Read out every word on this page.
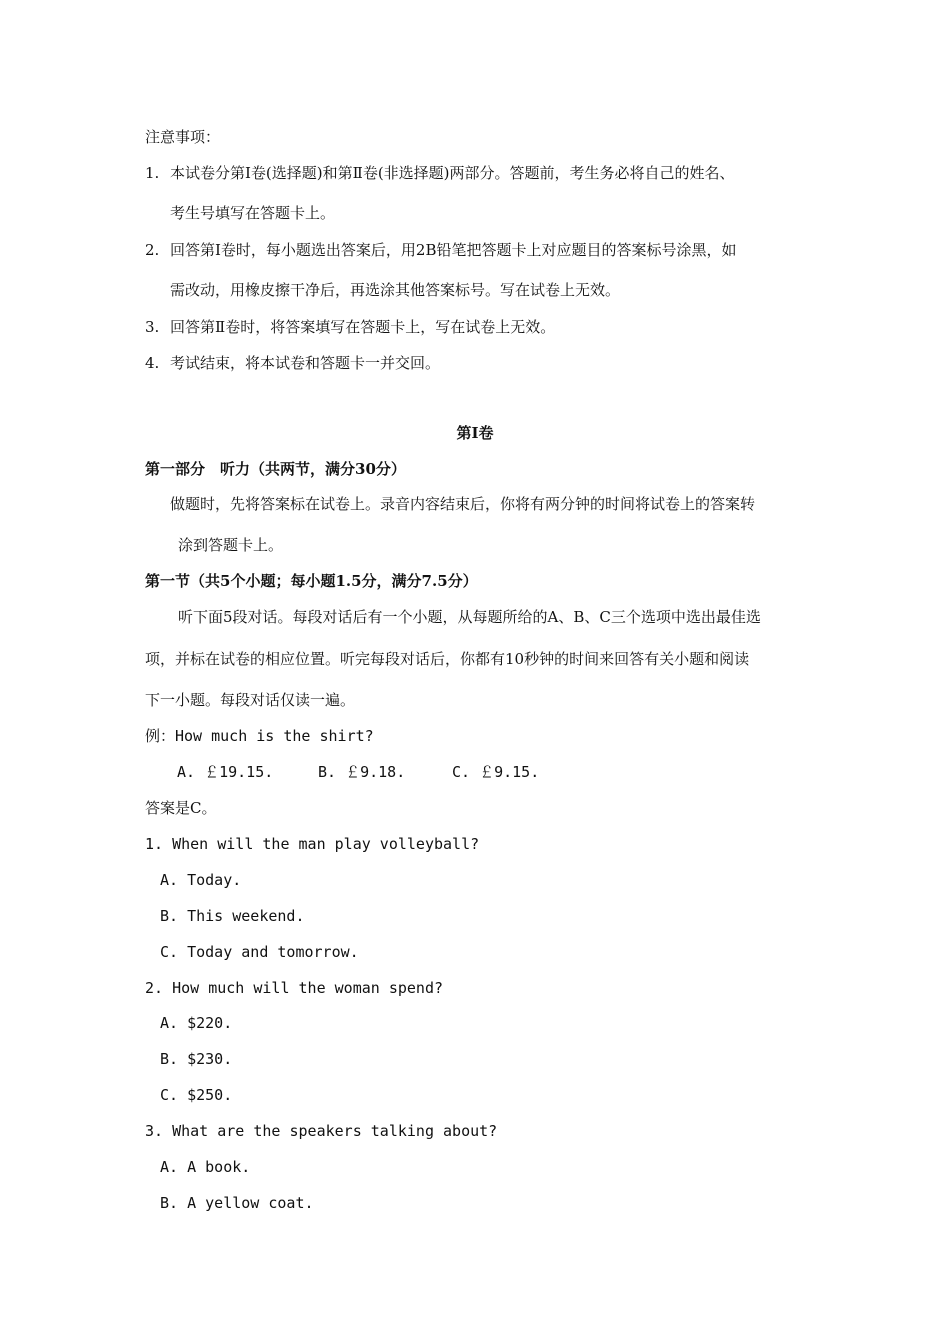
注意事项：
1. 本试卷分第Ⅰ卷(选择题)和第Ⅱ卷(非选择题)两部分。答题前，考生务必将自己的姓名、
考生号填写在答题卡上。
2. 回答第Ⅰ卷时，每小题选出答案后，用2B铅笔把答题卡上对应题目的答案标号涂黑，如
需改动，用橡皮擦干净后，再选涂其他答案标号。写在试卷上无效。
3. 回答第Ⅱ卷时，将答案填写在答题卡上，写在试卷上无效。
4. 考试结束，将本试卷和答题卡一并交回。
第Ⅰ卷
第一部分　听力（共两节，满分30分）
做题时，先将答案标在试卷上。录音内容结束后，你将有两分钟的时间将试卷上的答案转
涂到答题卡上。
第一节（共5个小题；每小题1.5分，满分7.5分）
听下面5段对话。每段对话后有一个小题，从每题所给的A、B、C三个选项中选出最佳选
项，并标在试卷的相应位置。听完每段对话后，你都有10秒钟的时间来回答有关小题和阅读
下一小题。每段对话仅读一遍。
例：How much is the shirt?
A. ￡19.15.	B. ￡9.18.	C. ￡9.15.
答案是C。
1. When will the man play volleyball?
A. Today.
B. This weekend.
C. Today and tomorrow.
2. How much will the woman spend?
A. $220.
B. $230.
C. $250.
3. What are the speakers talking about?
A. A book.
B. A yellow coat.
